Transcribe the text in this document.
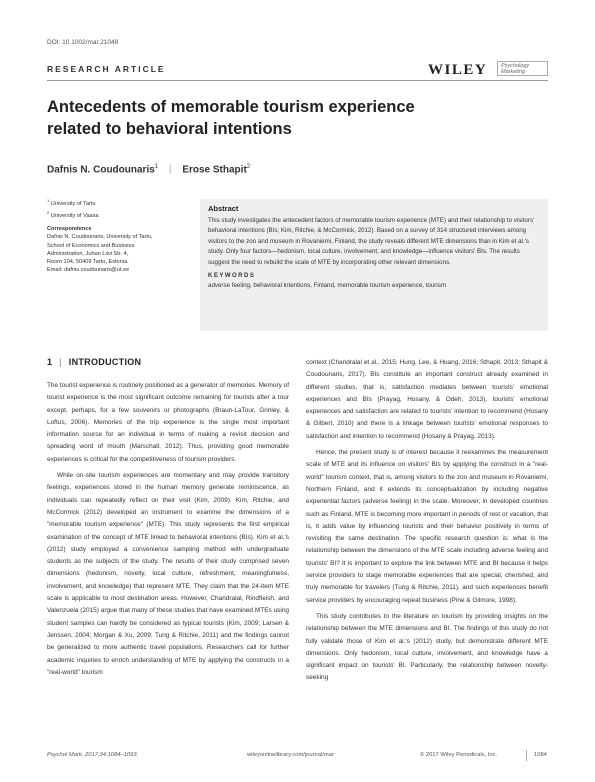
DOI: 10.1002/mar.21048
RESEARCH ARTICLE	WILEY	Psychology Marketing
Antecedents of memorable tourism experience related to behavioral intentions
Dafnis N. Coudounaris$^1$ | Erose Sthapit$^2$
$^1$ University of Tartu
$^2$ University of Vaasa
Correspondence
Dafnis N. Coudounaris, University of Tartu,
School of Economics and Business
Administration, Juhan Liivi Str. 4,
Room 104, 50409 Tartu, Estonia.
Email: dafnis.coudounaris@ut.ee
Abstract

This study investigates the antecedent factors of memorable tourism experience (MTE) and their relationship to visitors' behavioral intentions (BIs; Kim, Ritchie, & McCormick, 2012). Based on a survey of 314 structured interviews among visitors to the zoo and museum in Rovaniemi, Finland, the study reveals different MTE dimensions than in Kim et al.'s study. Only four factors—hedonism, local culture, involvement, and knowledge—influence visitors' BIs. The results suggest the need to rebuild the scale of MTE by incorporating other relevant dimensions.

KEYWORDS
adverse feeling, behavioral intentions, Finland, memorable tourism experience, tourism
1 | INTRODUCTION

The tourist experience is routinely positioned as a generator of memories. Memory of tourist experience is the most significant outcome remaining for tourists after a tour except, perhaps, for a few souvenirs or photographs (Braun-LaTour, Grinley, & Loftus, 2006). Memories of the trip experience is the single most important information source for an individual in terms of making a revisit decision and spreading word of mouth (Marschall, 2012). Thus, providing good memorable experiences is critical for the competitiveness of tourism providers.

While on-site tourism experiences are momentary and may provide transitory feelings, experiences stored in the human memory generate reminiscence, as individuals can repeatedly reflect on their visit (Kim, 2009). Kim, Ritchie, and McCormick (2012) developed an instrument to examine the dimensions of a "memorable tourism experience" (MTE). This study represents the first empirical examination of the concept of MTE linked to behavioral intentions (BIs). Kim et al.'s (2012) study employed a convenience sampling method with undergraduate students as the subjects of the study. The results of their study comprised seven dimensions (hedonism, novelty, local culture, refreshment, meaningfulness, involvement, and knowledge) that represent MTE. They claim that the 24-item MTE scale is applicable to most destination areas. However, Chandralal, Rindfleish, and Valenzuela (2015) argue that many of these studies that have examined MTEs using student samples can hardly be considered as typical tourists (Kim, 2009; Larsen & Jenssen, 2004; Morgan & Xu, 2009; Tung & Ritchie, 2011) and the findings cannot be generalized to more authentic travel populations. Researchers call for further academic inquiries to enrich understanding of MTE by applying the constructs in a "real-world" tourism

context (Chandralal et al., 2015; Hung, Lee, & Huang, 2016; Sthapit, 2013; Sthapit & Coudounaris, 2017). BIs constitute an important construct already examined in different studies, that is, satisfaction mediates between tourists' emotional experiences and BIs (Prayag, Hosany, & Odeh, 2013), tourists' emotional experiences and satisfaction are related to tourists' intention to recommend (Hosany & Gilbert, 2010) and there is a linkage between tourists' emotional responses to satisfaction and intention to recommend (Hosany & Prayag, 2013).

Hence, the present study is of interest because it reexamines the measurement scale of MTE and its influence on visitors' BIs by applying the construct in a "real-world" tourism context, that is, among visitors to the zoo and museum in Rovaniemi, Northern Finland, and it extends its conceptualization by including negative experiential factors (adverse feeling) in the scale. Moreover, in developed countries such as Finland, MTE is becoming more important in periods of rest or vacation, that is, it adds value by influencing tourists and their behavior positively in terms of revisiting the same destination. The specific research question is: what is the relationship between the dimensions of the MTE scale including adverse feeling and tourists' BI? It is important to explore the link between MTE and BI because it helps service providers to stage memorable experiences that are special, cherished, and truly memorable for travelers (Tung & Ritchie, 2011), and such experiences benefit service providers by encouraging repeat business (Pine & Gilmore, 1998).

This study contributes to the literature on tourism by providing insights on the relationship between the MTE dimensions and BI. The findings of this study do not fully validate those of Kim et al.'s (2012) study, but demonstrate different MTE dimensions. Only hedonism, local culture, involvement, and knowledge have a significant impact on tourists' BI. Particularly, the relationship between novelty-seeking

Psychol Mark. 2017;34:1084–1093.	wileyonlinelibrary.com/journal/mar	© 2017 Wiley Periodicals, Inc.	1084
